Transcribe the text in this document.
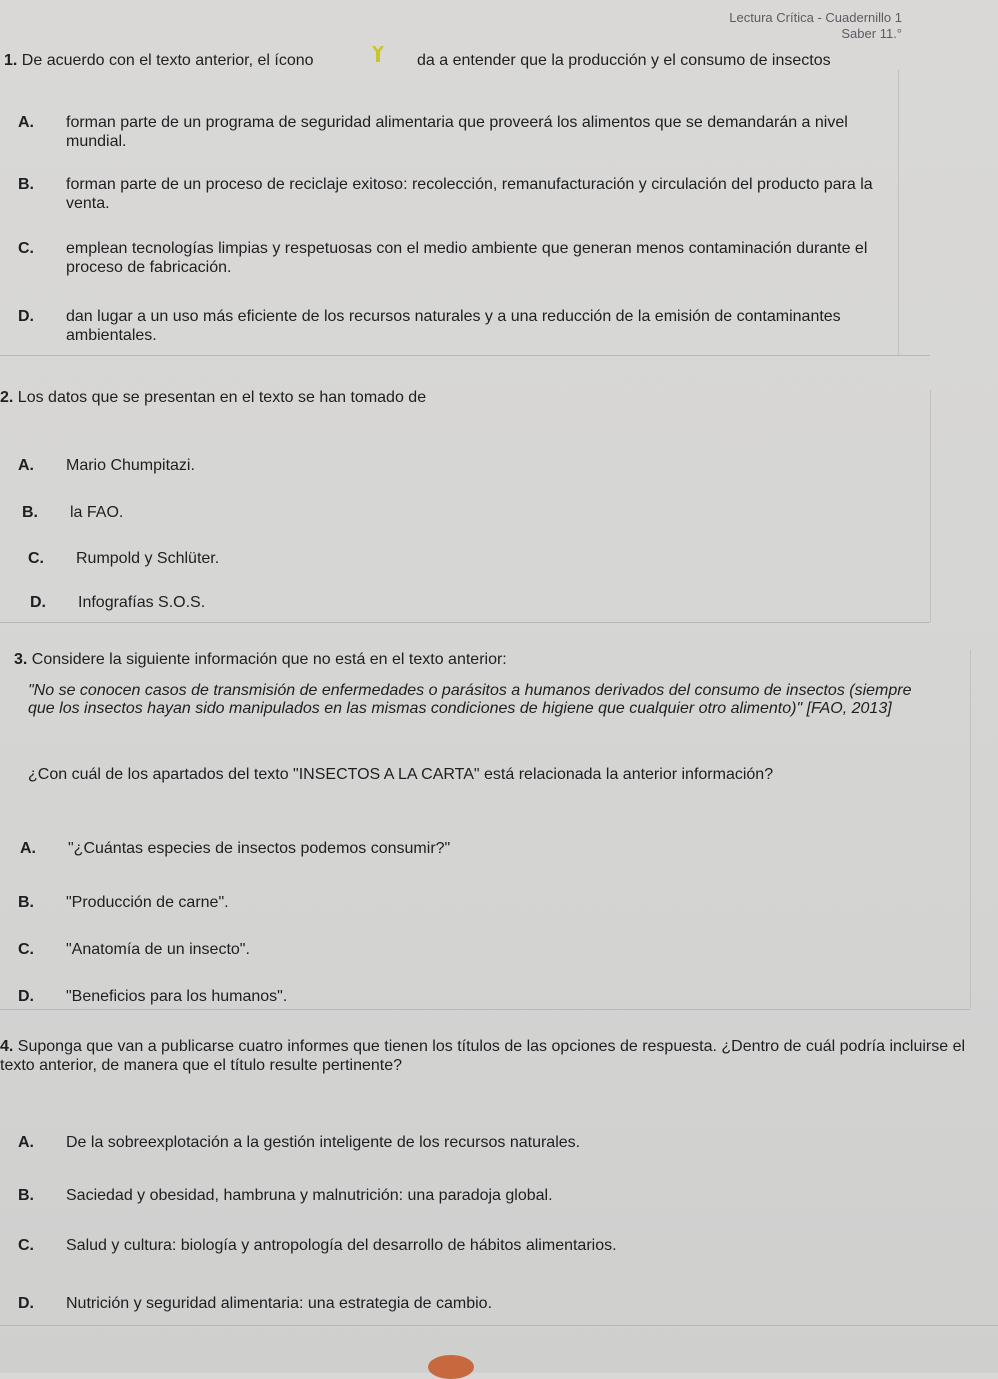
Lectura Crítica - Cuadernillo 1
Saber 11.°
1. De acuerdo con el texto anterior, el ícono	da a entender que la producción y el consumo de insectos
A.	forman parte de un programa de seguridad alimentaria que proveerá los alimentos que se demandarán a nivel mundial.
B.	forman parte de un proceso de reciclaje exitoso: recolección, remanufacturación y circulación del producto para la venta.
C.	emplean tecnologías limpias y respetuosas con el medio ambiente que generan menos contaminación durante el proceso de fabricación.
D.	dan lugar a un uso más eficiente de los recursos naturales y a una reducción de la emisión de contaminantes ambientales.
2. Los datos que se presentan en el texto se han tomado de
A.	Mario Chumpitazi.
B.	la FAO.
C.	Rumpold y Schlüter.
D.	Infografías S.O.S.
3. Considere la siguiente información que no está en el texto anterior:
"No se conocen casos de transmisión de enfermedades o parásitos a humanos derivados del consumo de insectos (siempre que los insectos hayan sido manipulados en las mismas condiciones de higiene que cualquier otro alimento)" [FAO, 2013]
¿Con cuál de los apartados del texto "INSECTOS A LA CARTA" está relacionada la anterior información?
A.	"¿Cuántas especies de insectos podemos consumir?"
B.	"Producción de carne".
C.	"Anatomía de un insecto".
D.	"Beneficios para los humanos".
4. Suponga que van a publicarse cuatro informes que tienen los títulos de las opciones de respuesta. ¿Dentro de cuál podría incluirse el texto anterior, de manera que el título resulte pertinente?
A.	De la sobreexplotación a la gestión inteligente de los recursos naturales.
B.	Saciedad y obesidad, hambruna y malnutrición: una paradoja global.
C.	Salud y cultura: biología y antropología del desarrollo de hábitos alimentarios.
D.	Nutrición y seguridad alimentaria: una estrategia de cambio.
